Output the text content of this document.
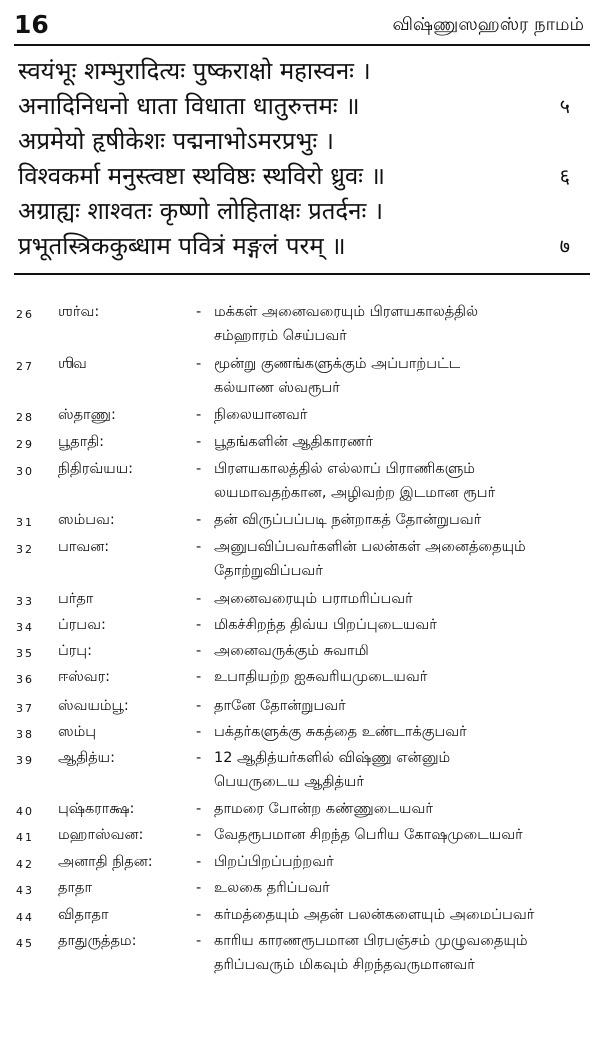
16	விஷ்ணுஸஹஸ்ர நாமம்
स्वयंभूः शम्भुरादित्यः पुष्कराक्षो महास्वनः ।
अनादिनिधनो धाता विधाता धातुरुत्तमः ॥	५
अप्रमेयो हृषीकेशः पद्मनाभोऽमरप्रभुः ।
विश्वकर्मा मनुस्त्वष्टा स्थविष्ठः स्थविरो ध्रुवः ॥	६
अग्राह्यः शाश्वतः कृष्णो लोहिताक्षः प्रतर्दनः ।
प्रभूतस्त्रिककुब्धाम पवित्रं मङ्गलं परम् ॥	७
26 ஶர்வ:	- மக்கள் அனைவரையும் பிரளயகாலத்தில்
சம்ஹாரம் செய்பவர்
27 ஶிவ	- மூன்று குணங்களுக்கும் அப்பாற்பட்ட
கல்யாண ஸ்வரூபர்
28 ஸ்தாணு:	- நிலையானவர்
29 பூதாதி:	- பூதங்களின் ஆதிகாரணர்
30 நிதிரவ்யய:	- பிரளயகாலத்தில் எல்லாப் பிராணிகளும்
லயமாவதற்கான, அழிவற்ற இடமான ரூபர்
31 ஸம்பவ:	- தன் விருப்பப்படி நன்றாகத் தோன்றுபவர்
32 பாவன:	- அனுபவிப்பவர்களின் பலன்கள் அனைத்தையும்
தோற்றுவிப்பவர்
33 பர்தா	- அனைவரையும் பராமரிப்பவர்
34 ப்ரபவ:	- மிகச்சிறந்த திவ்ய பிறப்புடையவர்
35 ப்ரபு:	- அனைவருக்கும் சுவாமி
36 ஈஸ்வர:	- உபாதியற்ற ஐசுவரியமுடையவர்
37 ஸ்வயம்பூ:	- தானே தோன்றுபவர்
38 ஸம்பு	- பக்தர்களுக்கு சுகத்தை உண்டாக்குபவர்
39 ஆதித்ய:	- 12 ஆதித்யர்களில் விஷ்ணு என்னும்
பெயருடைய ஆதித்யர்
40 புஷ்கராக்ஷ:	- தாமரை போன்ற கண்ணுடையவர்
41 மஹாஸ்வன:	- வேதரூபமான சிறந்த பெரிய கோஷமுடையவர்
42 அனாதி நிதன:	- பிறப்பிறப்பற்றவர்
43 தாதா	- உலகை தரிப்பவர்
44 விதாதா	- கர்மத்தையும் அதன் பலன்களையும் அமைப்பவர்
45 தாதுருத்தம:	- காரிய காரணரூபமான பிரபஞ்சம் முழுவதையும்
தரிப்பவரும் மிகவும் சிறந்தவருமானவர்
